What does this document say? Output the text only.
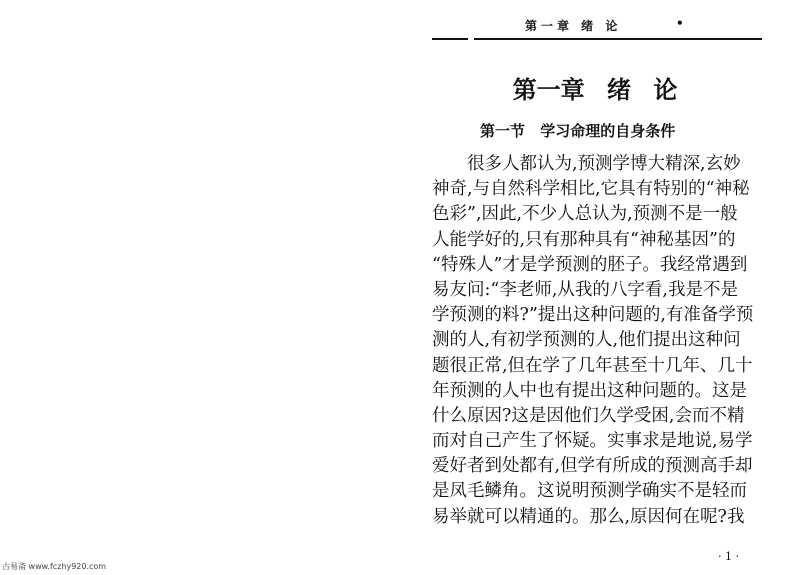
第一章 绪 论	•
第一章 绪 论
第一节 学习命理的自身条件
　　很多人都认为,预测学博大精深,玄妙
神奇,与自然科学相比,它具有特别的“神秘
色彩”,因此,不少人总认为,预测不是一般
人能学好的,只有那种具有“神秘基因”的
“特殊人”才是学预测的胚子。我经常遇到
易友问:“李老师,从我的八字看,我是不是
学预测的料?”提出这种问题的,有准备学预
测的人,有初学预测的人,他们提出这种问
题很正常,但在学了几年甚至十几年、几十
年预测的人中也有提出这种问题的。这是
什么原因?这是因他们久学受困,会而不精
而对自己产生了怀疑。实事求是地说,易学
爱好者到处都有,但学有所成的预测高手却
是凤毛鳞角。这说明预测学确实不是轻而
易举就可以精通的。那么,原因何在呢?我
· 1 ·
古易斋 www.fczhy920.com
